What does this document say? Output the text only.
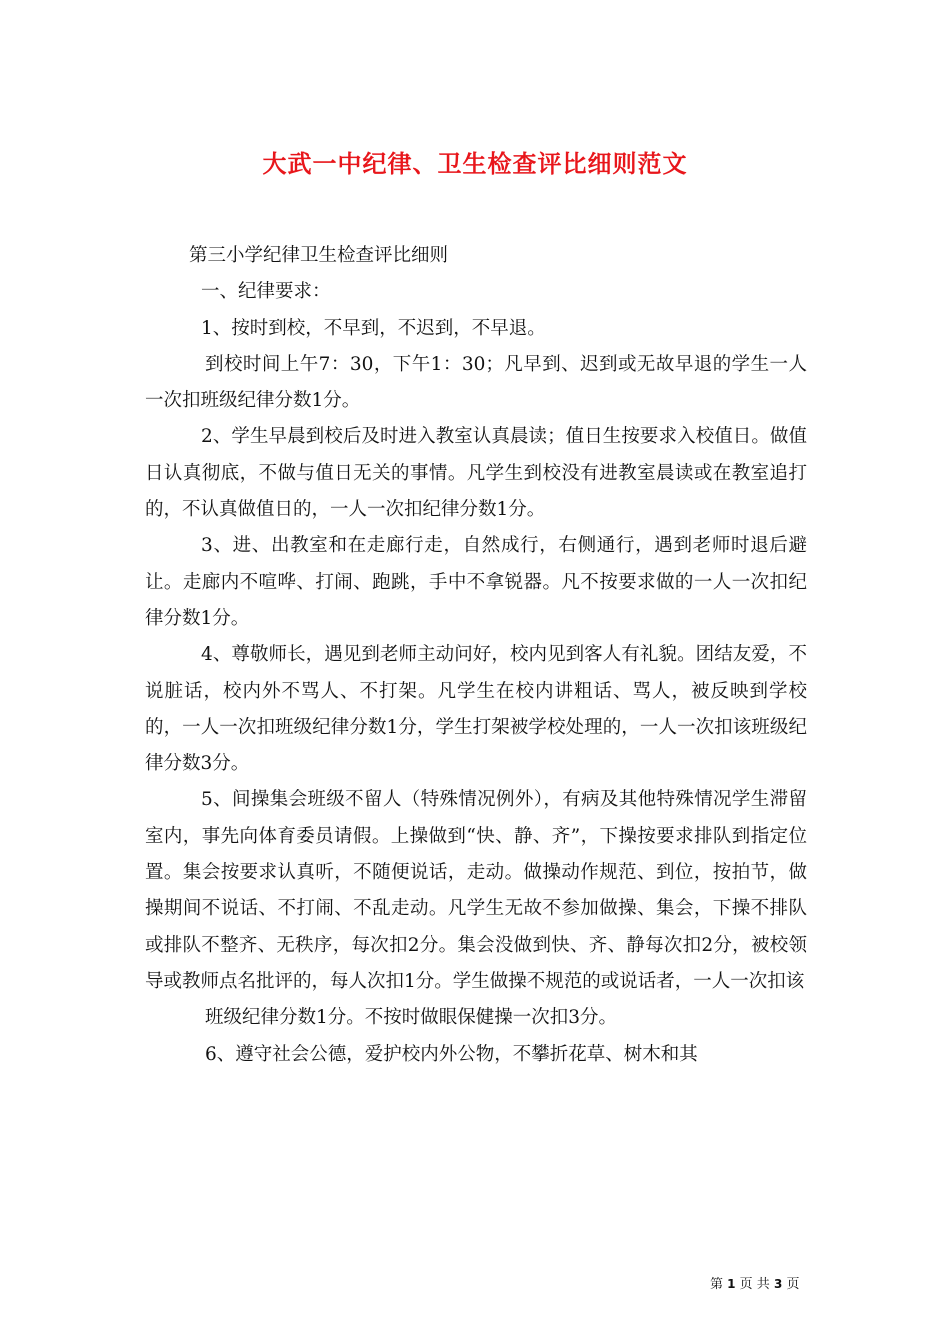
大武一中纪律、卫生检查评比细则范文

第三小学纪律卫生检查评比细则

一、纪律要求：

1、按时到校，不早到，不迟到，不早退。

到校时间上午7：30，下午1：30；凡早到、迟到或无故早退的学生一人一次扣班级纪律分数1分。

2、学生早晨到校后及时进入教室认真晨读；值日生按要求入校值日。做值日认真彻底，不做与值日无关的事情。凡学生到校没有进教室晨读或在教室追打的，不认真做值日的，一人一次扣纪律分数1分。

3、进、出教室和在走廊行走，自然成行，右侧通行，遇到老师时退后避让。走廊内不喧哗、打闹、跑跳，手中不拿锐器。凡不按要求做的一人一次扣纪律分数1分。

4、尊敬师长，遇见到老师主动问好，校内见到客人有礼貌。团结友爱，不说脏话，校内外不骂人、不打架。凡学生在校内讲粗话、骂人，被反映到学校的，一人一次扣班级纪律分数1分，学生打架被学校处理的，一人一次扣该班级纪律分数3分。

5、间操集会班级不留人（特殊情况例外），有病及其他特殊情况学生滞留室内，事先向体育委员请假。上操做到“快、静、齐”，下操按要求排队到指定位置。集会按要求认真听，不随便说话，走动。做操动作规范、到位，按拍节，做操期间不说话、不打闹、不乱走动。凡学生无故不参加做操、集会，下操不排队或排队不整齐、无秩序，每次扣2分。集会没做到快、齐、静每次扣2分，被校领导或教师点名批评的，每人次扣1分。学生做操不规范的或说话者，一人一次扣该

班级纪律分数1分。不按时做眼保健操一次扣3分。

6、遵守社会公德，爱护校内外公物，不攀折花草、树木和其

第 1 页 共 3 页
